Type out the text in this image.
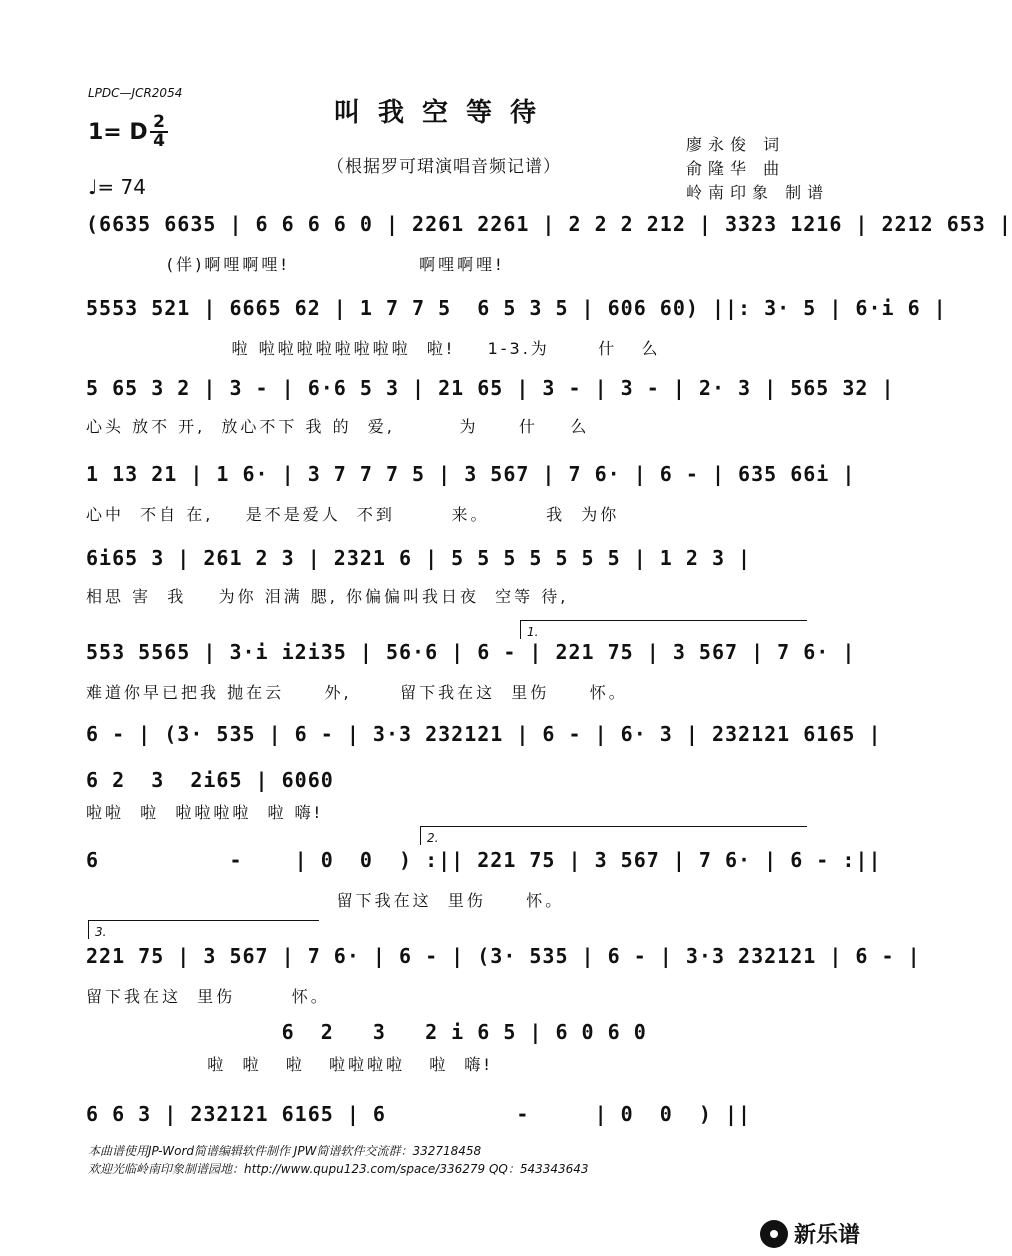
LPDC—JCR2054
叫我空等待
（根据罗可珺演唱音频记谱）
1= D 2
4
♩= 74
廖永俊 词
俞隆华 曲
岭南印象 制谱
(6635 6635 | 6 6 6 6 0 | 2261 2261 | 2 2 2 212 | 3323 1216 | 2212 653 |
(伴)啊哩啊哩!                啊哩啊哩!
5553 521 | 6665 62 | 1 7 7 5  6 5 3 5 | 606 60) ||: 3· 5 | 6·i 6 |
啦 啦啦啦啦啦啦啦啦  啦!    1-3.为      什   么
5 65 3 2 | 3 - | 6·6 5 3 | 21 65 | 3 - | 3 - | 2· 3 | 565 32 |
心头 放不 开,  放心不下 我 的  爱,        为     什    么
1 13 21 | 1 6· | 3 7 7 7 5 | 3 567 | 7 6· | 6 - | 635 66i |
心中  不自 在,    是不是爱人  不到       来。       我  为你
6i65 3 | 261 2 3 | 2321 6 | 5 5 5 5 5 5 5 | 1 2 3 |
相思 害  我    为你 泪满 腮, 你偏偏叫我日夜  空等 待,
1.
553 5565 | 3·i i2i35 | 56·6 | 6 - | 221 75 | 3 567 | 7 6· |
难道你早已把我 抛在云     外,      留下我在这  里伤     怀。
6 - | (3· 535 | 6 - | 3·3 232121 | 6 - | 6· 3 | 232121 6165 |
6 2  3  2i65 | 6060
啦啦  啦  啦啦啦啦  啦 嗨!
2.
6          -    | 0  0  ) :|| 221 75 | 3 567 | 7 6· | 6 - :||
留下我在这  里伤     怀。
3.
221 75 | 3 567 | 7 6· | 6 - | (3· 535 | 6 - | 3·3 232121 | 6 - |
留下我在这  里伤       怀。
6  2   3   2 i 6 5 | 6 0 6 0
啦  啦   啦   啦啦啦啦   啦  嗨!
6 6 3 | 232121 6165 | 6          -     | 0  0  ) ||
本曲谱使用JP-Word简谱编辑软件制作 JPW简谱软件交流群：332718458
欢迎光临岭南印象制谱园地：http://www.qupu123.com/space/336279 QQ：543343643
新乐谱
